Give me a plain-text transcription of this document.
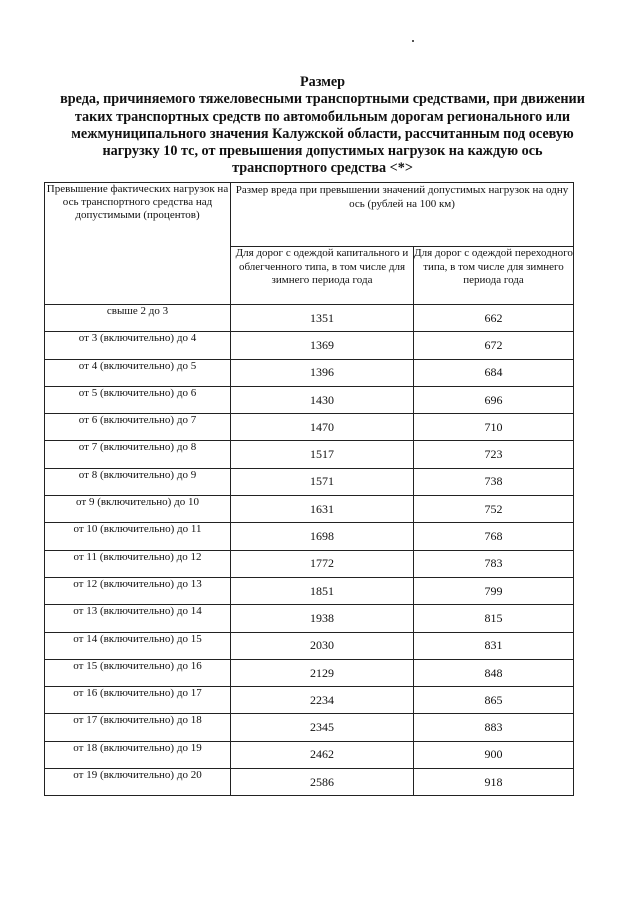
Размер
вреда, причиняемого тяжеловесными транспортными средствами, при движении таких транспортных средств по автомобильным дорогам регионального или межмуниципального значения Калужской области, рассчитанным под осевую нагрузку 10 тс, от превышения допустимых нагрузок на каждую ось транспортного средства <*>
Превышение фактических нагрузок на ось транспортного средства над допустимыми (процентов)	Размер вреда при превышении значений допустимых нагрузок на одну ось (рублей на 100 км)	
	Для дорог с одеждой капитального и облегченного типа, в том числе для зимнего периода года	Для дорог с одеждой переходного типа, в том числе для зимнего периода года
свыше 2 до 3	1351	662
от 3 (включительно) до 4	1369	672
от 4 (включительно) до 5	1396	684
от 5 (включительно) до 6	1430	696
от 6 (включительно) до 7	1470	710
от 7 (включительно) до 8	1517	723
от 8 (включительно) до 9	1571	738
от 9 (включительно) до 10	1631	752
от 10 (включительно) до 11	1698	768
от 11 (включительно) до 12	1772	783
от 12 (включительно) до 13	1851	799
от 13 (включительно) до 14	1938	815
от 14 (включительно) до 15	2030	831
от 15 (включительно) до 16	2129	848
от 16 (включительно) до 17	2234	865
от 17 (включительно) до 18	2345	883
от 18 (включительно) до 19	2462	900
от 19 (включительно) до 20	2586	918
